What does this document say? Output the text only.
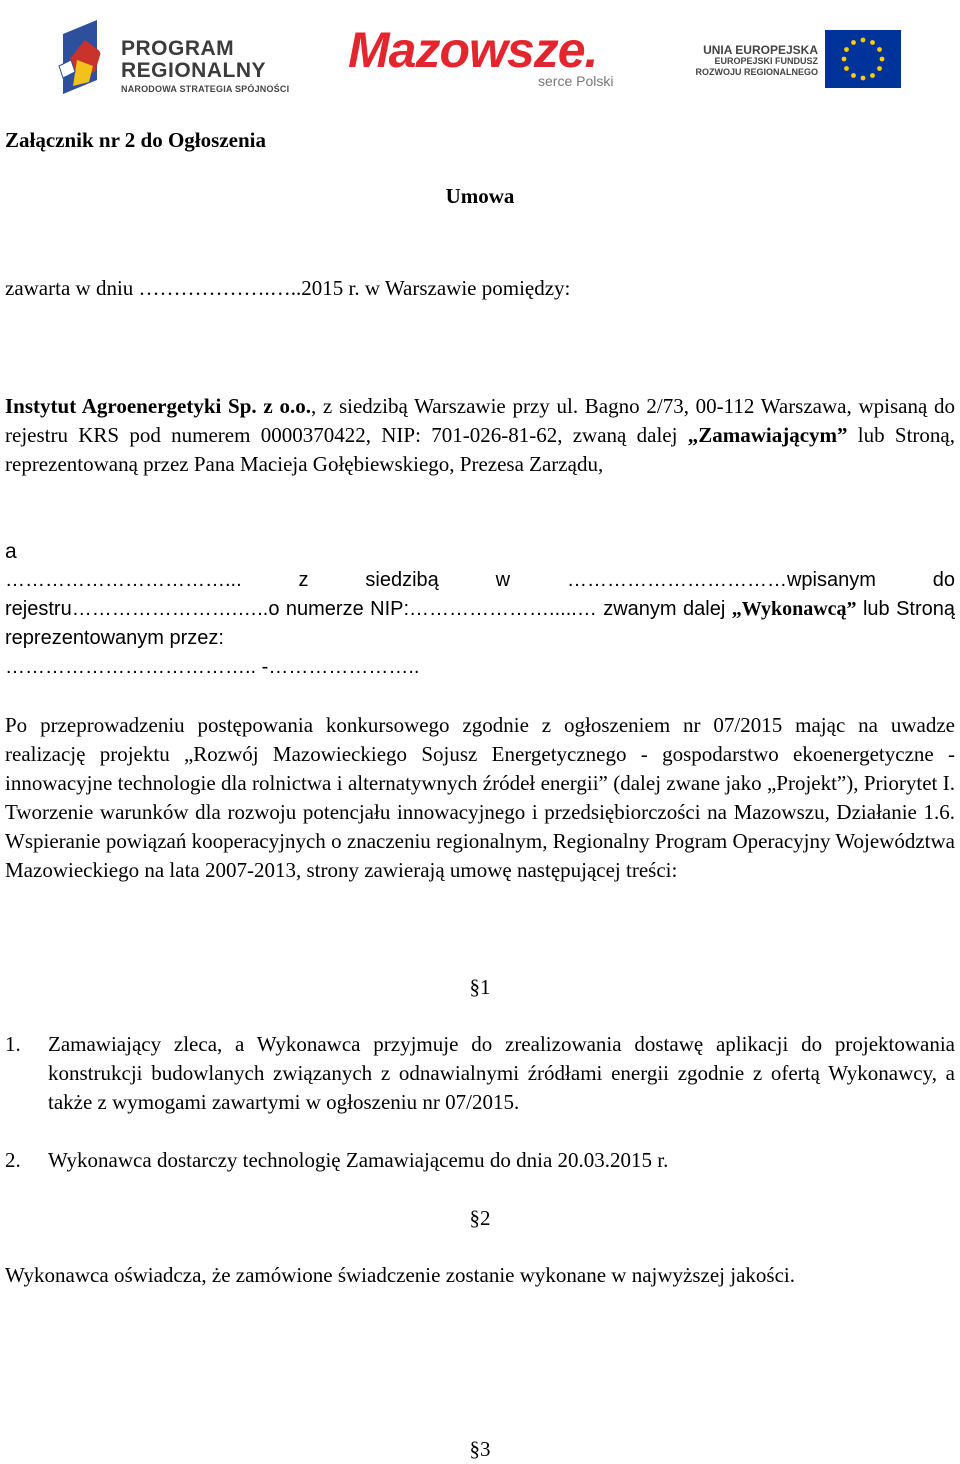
PROGRAM
REGIONALNY
NARODOWA STRATEGIA SPÓJNOŚCI
Mazowsze.
serce Polski
UNIA EUROPEJSKA
EUROPEJSKI FUNDUSZ
ROZWOJU REGIONALNEGO
Załącznik nr 2 do Ogłoszenia
Umowa
zawarta w dniu ……………….…..2015 r. w Warszawie pomiędzy:
Instytut Agroenergetyki Sp. z o.o., z siedzibą Warszawie przy ul. Bagno 2/73, 00-112 Warszawa, wpisaną do rejestru KRS pod numerem 0000370422, NIP: 701-026-81-62, zwaną dalej „Zamawiającym” lub Stroną, reprezentowaną przez Pana Macieja Gołębiewskiego, Prezesa Zarządu,
a
……………………………... z siedzibą w ……………………………wpisanym do rejestru…………………….…..o numerze NIP:………………….....… zwanym dalej „Wykonawcą” lub Stroną reprezentowanym przez:
……………………………….. -…………………..
Po przeprowadzeniu postępowania konkursowego zgodnie z ogłoszeniem nr 07/2015 mając na uwadze realizację projektu „Rozwój Mazowieckiego Sojusz Energetycznego - gospodarstwo ekoenergetyczne - innowacyjne technologie dla rolnictwa i alternatywnych źródeł energii” (dalej zwane jako „Projekt”), Priorytet I. Tworzenie warunków dla rozwoju potencjału innowacyjnego i przedsiębiorczości na Mazowszu, Działanie 1.6. Wspieranie powiązań kooperacyjnych o znaczeniu regionalnym, Regionalny Program Operacyjny Województwa Mazowieckiego na lata 2007-2013, strony zawierają umowę następującej treści:
§1
1. Zamawiający zleca, a Wykonawca przyjmuje do zrealizowania dostawę aplikacji do projektowania konstrukcji budowlanych związanych z odnawialnymi źródłami energii zgodnie z ofertą Wykonawcy, a także z wymogami zawartymi w ogłoszeniu nr 07/2015.
2. Wykonawca dostarczy technologię Zamawiającemu do dnia 20.03.2015 r.
§2
Wykonawca oświadcza, że zamówione świadczenie zostanie wykonane w najwyższej jakości.
§3
